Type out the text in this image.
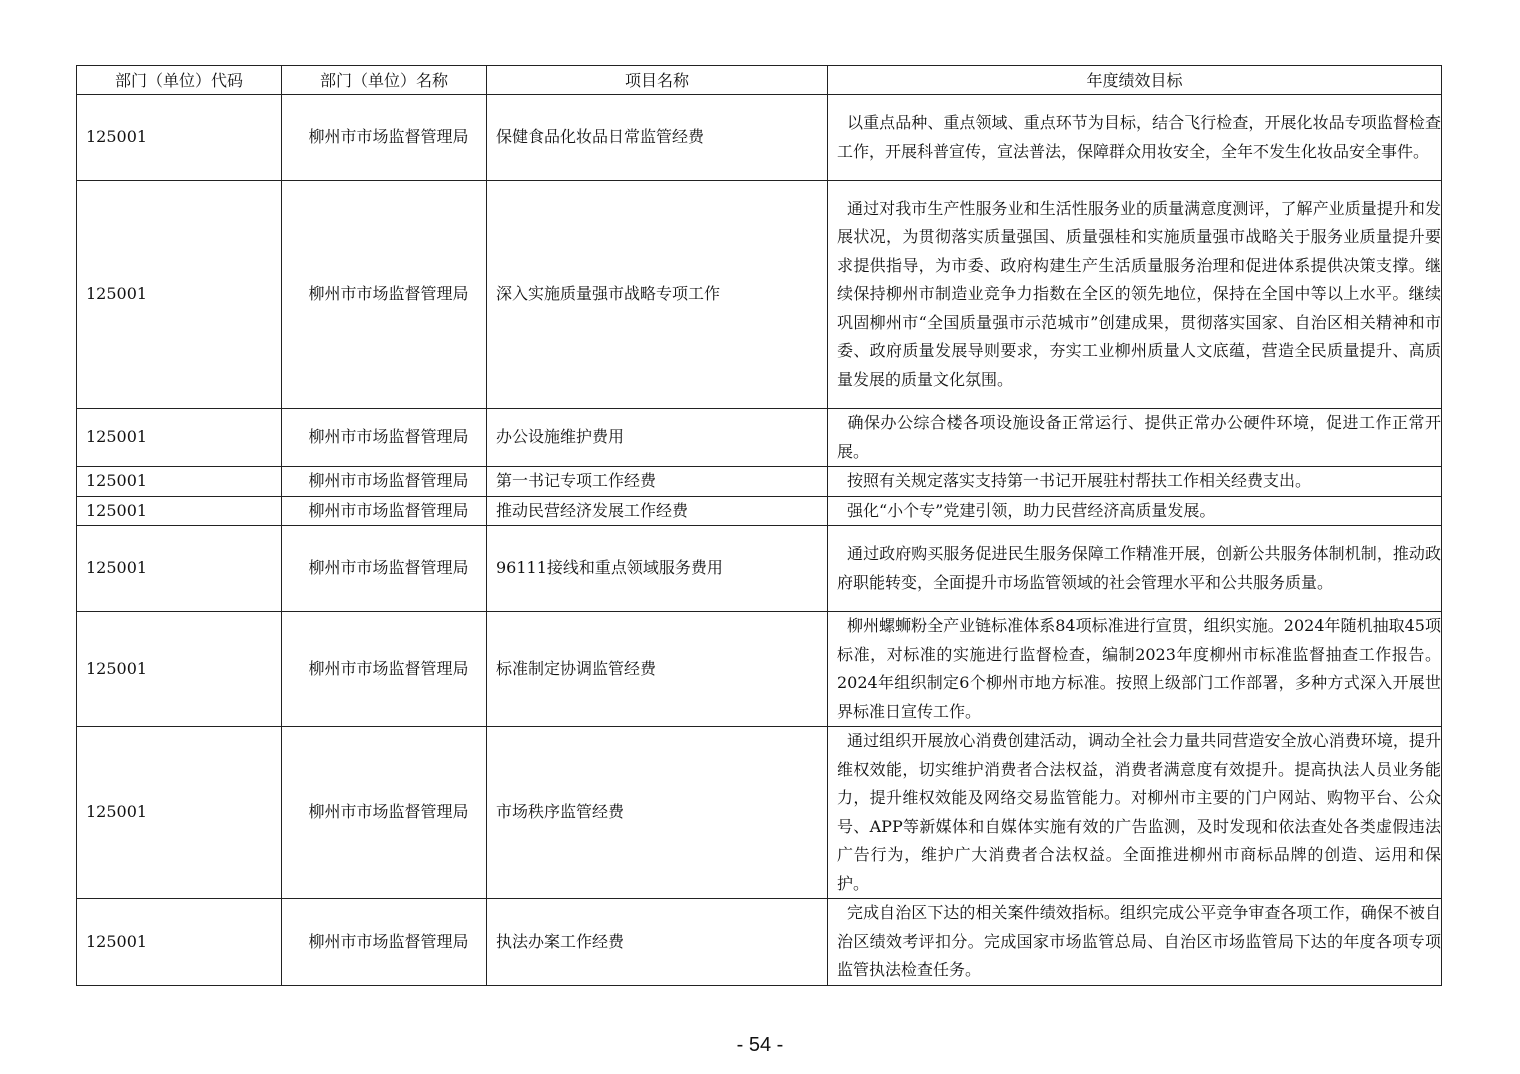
部门（单位）代码	部门（单位）名称	项目名称	年度绩效目标
125001	柳州市市场监督管理局	保健食品化妆品日常监管经费	以重点品种、重点领域、重点环节为目标，结合飞行检查，开展化妆品专项监督检查工作，开展科普宣传，宣法普法，保障群众用妆安全，全年不发生化妆品安全事件。
125001	柳州市市场监督管理局	深入实施质量强市战略专项工作	通过对我市生产性服务业和生活性服务业的质量满意度测评，了解产业质量提升和发展状况，为贯彻落实质量强国、质量强桂和实施质量强市战略关于服务业质量提升要求提供指导，为市委、政府构建生产生活质量服务治理和促进体系提供决策支撑。继续保持柳州市制造业竞争力指数在全区的领先地位，保持在全国中等以上水平。继续巩固柳州市“全国质量强市示范城市”创建成果，贯彻落实国家、自治区相关精神和市委、政府质量发展导则要求，夯实工业柳州质量人文底蕴，营造全民质量提升、高质量发展的质量文化氛围。
125001	柳州市市场监督管理局	办公设施维护费用	确保办公综合楼各项设施设备正常运行、提供正常办公硬件环境，促进工作正常开展。
125001	柳州市市场监督管理局	第一书记专项工作经费	按照有关规定落实支持第一书记开展驻村帮扶工作相关经费支出。
125001	柳州市市场监督管理局	推动民营经济发展工作经费	强化“小个专”党建引领，助力民营经济高质量发展。
125001	柳州市市场监督管理局	96111接线和重点领域服务费用	通过政府购买服务促进民生服务保障工作精准开展，创新公共服务体制机制，推动政府职能转变，全面提升市场监管领域的社会管理水平和公共服务质量。
125001	柳州市市场监督管理局	标准制定协调监管经费	柳州螺蛳粉全产业链标准体系84项标准进行宣贯，组织实施。2024年随机抽取45项标准，对标准的实施进行监督检查，编制2023年度柳州市标准监督抽查工作报告。2024年组织制定6个柳州市地方标准。按照上级部门工作部署，多种方式深入开展世界标准日宣传工作。
125001	柳州市市场监督管理局	市场秩序监管经费	通过组织开展放心消费创建活动，调动全社会力量共同营造安全放心消费环境，提升维权效能，切实维护消费者合法权益，消费者满意度有效提升。提高执法人员业务能力，提升维权效能及网络交易监管能力。对柳州市主要的门户网站、购物平台、公众号、APP等新媒体和自媒体实施有效的广告监测，及时发现和依法查处各类虚假违法广告行为，维护广大消费者合法权益。全面推进柳州市商标品牌的创造、运用和保护。
125001	柳州市市场监督管理局	执法办案工作经费	完成自治区下达的相关案件绩效指标。组织完成公平竞争审查各项工作，确保不被自治区绩效考评扣分。完成国家市场监管总局、自治区市场监管局下达的年度各项专项监管执法检查任务。
- 54 -
